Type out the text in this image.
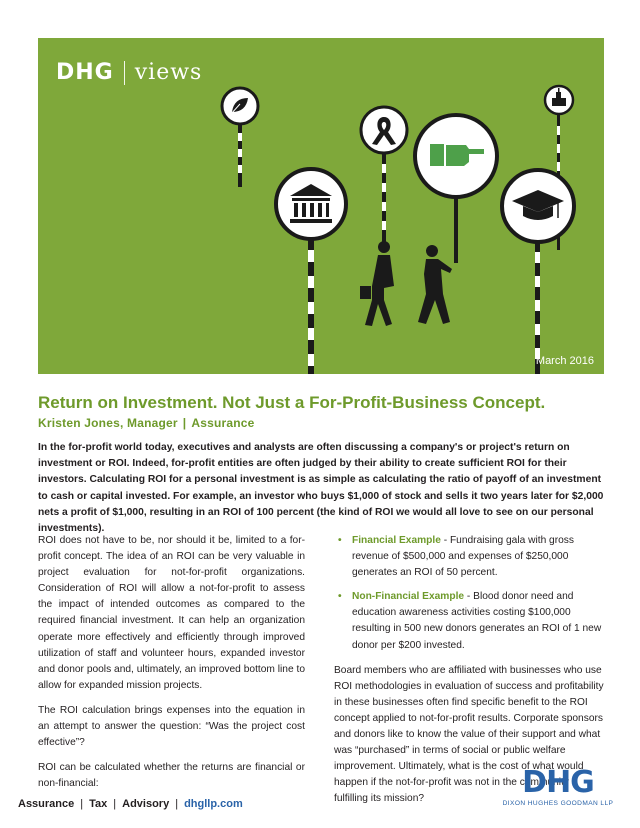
DHG views
March 2016
Return on Investment. Not Just a For-Profit-Business Concept.
Kristen Jones, Manager | Assurance

In the for-profit world today, executives and analysts are often discussing a company's or project's return on investment or ROI. Indeed, for-profit entities are often judged by their ability to create sufficient ROI for their investors. Calculating ROI for a personal investment is as simple as calculating the ratio of payoff of an investment to cash or capital invested. For example, an investor who buys $1,000 of stock and sells it two years later for $2,000 nets a profit of $1,000, resulting in an ROI of 100 percent (the kind of ROI we would all love to see on our personal investments).

ROI does not have to be, nor should it be, limited to a for-profit concept. The idea of an ROI can be very valuable in project evaluation for not-for-profit organizations. Consideration of ROI will allow a not-for-profit to assess the impact of intended outcomes as compared to the required financial investment. It can help an organization operate more effectively and efficiently through improved utilization of staff and volunteer hours, expanded investor and donor pools and, ultimately, an improved bottom line to allow for expanded mission projects.

The ROI calculation brings expenses into the equation in an attempt to answer the question: “Was the project cost effective”?

ROI can be calculated whether the returns are financial or non-financial:

• Financial Example - Fundraising gala with gross revenue of $500,000 and expenses of $250,000 generates an ROI of 50 percent.
• Non-Financial Example - Blood donor need and education awareness activities costing $100,000 resulting in 500 new donors generates an ROI of 1 new donor per $200 invested.

Board members who are affiliated with businesses who use ROI methodologies in evaluation of success and profitability in these businesses often find specific benefit to the ROI concept applied to not-for-profit results. Corporate sponsors and donors like to know the value of their support and what was “purchased” in terms of social or public welfare improvement. Ultimately, what is the cost of what would happen if the not-for-profit was not in the community fulfilling its mission?

Assurance | Tax | Advisory | dhgllp.com
DHG
DIXON HUGHES GOODMAN LLP
